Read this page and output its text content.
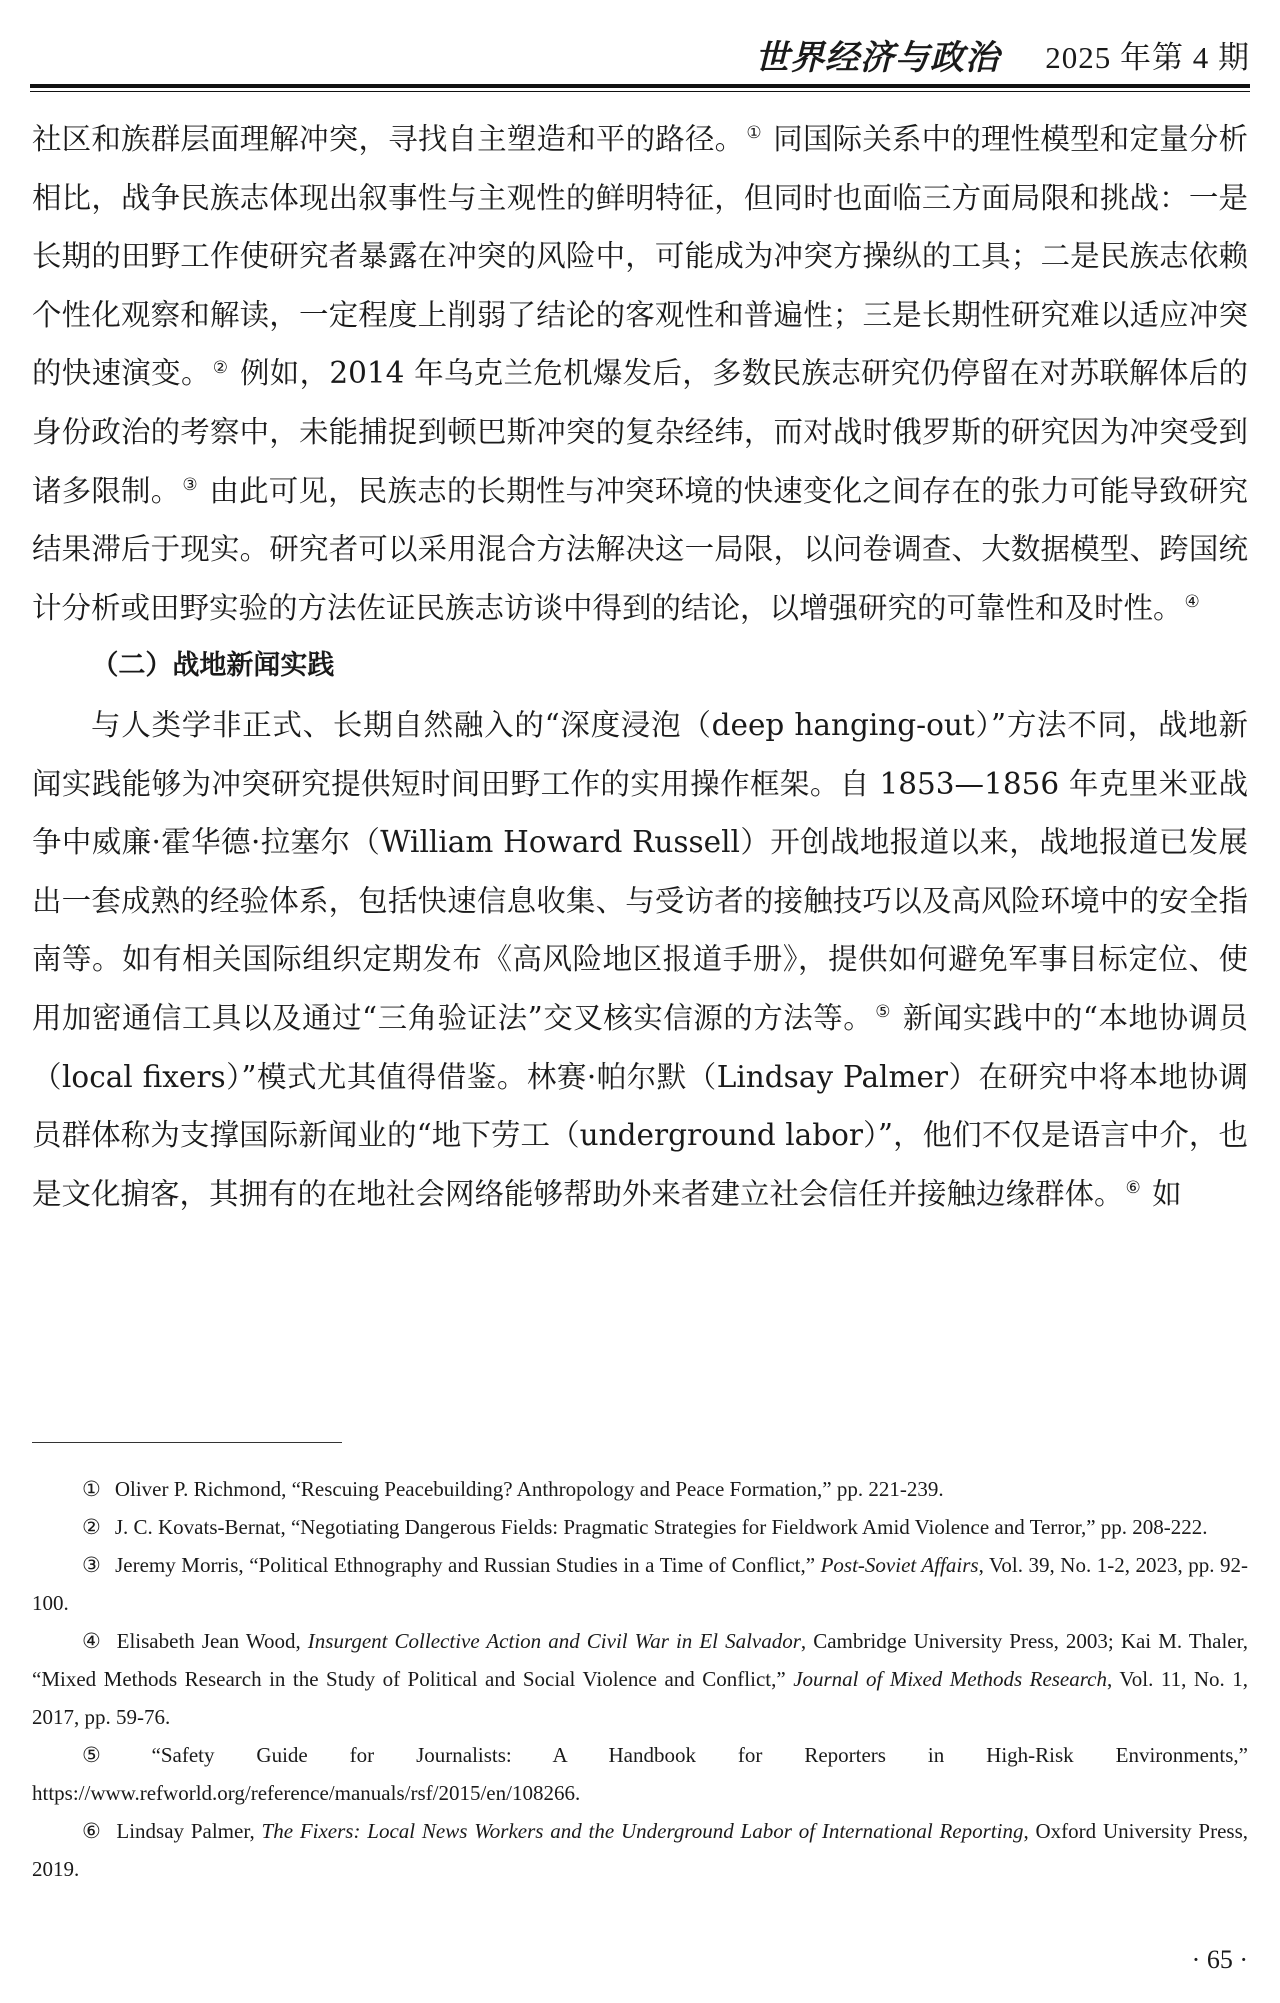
世界经济与政治 2025 年第 4 期

社区和族群层面理解冲突，寻找自主塑造和平的路径。 ① 同国际关系中的理性模型和定量分析相比，战争民族志体现出叙事性与主观性的鲜明特征，但同时也面临三方面局限和挑战：一是长期的田野工作使研究者暴露在冲突的风险中，可能成为冲突方操纵的工具；二是民族志依赖个性化观察和解读，一定程度上削弱了结论的客观性和普遍性；三是长期性研究难以适应冲突的快速演变。 ② 例如，2014 年乌克兰危机爆发后，多数民族志研究仍停留在对苏联解体后的身份政治的考察中，未能捕捉到顿巴斯冲突的复杂经纬，而对战时俄罗斯的研究因为冲突受到诸多限制。 ③ 由此可见，民族志的长期性与冲突环境的快速变化之间存在的张力可能导致研究结果滞后于现实。研究者可以采用混合方法解决这一局限，以问卷调查、大数据模型、跨国统计分析或田野实验的方法佐证民族志访谈中得到的结论，以增强研究的可靠性和及时性。 ④

（二）战地新闻实践

与人类学非正式、长期自然融入的“深度浸泡（deep hanging-out）”方法不同，战地新闻实践能够为冲突研究提供短时间田野工作的实用操作框架。自 1853—1856 年克里米亚战争中威廉·霍华德·拉塞尔（William Howard Russell）开创战地报道以来，战地报道已发展出一套成熟的经验体系，包括快速信息收集、与受访者的接触技巧以及高风险环境中的安全指南等。如有相关国际组织定期发布《高风险地区报道手册》，提供如何避免军事目标定位、使用加密通信工具以及通过“三角验证法”交叉核实信源的方法等。 ⑤ 新闻实践中的“本地协调员（local fixers）”模式尤其值得借鉴。林赛·帕尔默（Lindsay Palmer）在研究中将本地协调员群体称为支撑国际新闻业的“地下劳工（underground labor）”，他们不仅是语言中介，也是文化掮客，其拥有的在地社会网络能够帮助外来者建立社会信任并接触边缘群体。 ⑥ 如

① Oliver P. Richmond, “Rescuing Peacebuilding? Anthropology and Peace Formation,” pp. 221-239.

② J. C. Kovats-Bernat, “Negotiating Dangerous Fields: Pragmatic Strategies for Fieldwork Amid Violence and Terror,” pp. 208-222.

③ Jeremy Morris, “Political Ethnography and Russian Studies in a Time of Conflict,” Post-Soviet Affairs, Vol. 39, No. 1-2, 2023, pp. 92-100.

④ Elisabeth Jean Wood, Insurgent Collective Action and Civil War in El Salvador, Cambridge University Press, 2003; Kai M. Thaler, “Mixed Methods Research in the Study of Political and Social Violence and Conflict,” Journal of Mixed Methods Research, Vol. 11, No. 1, 2017, pp. 59-76.

⑤ “Safety Guide for Journalists: A Handbook for Reporters in High-Risk Environments,” https://www.refworld.org/reference/manuals/rsf/2015/en/108266.

⑥ Lindsay Palmer, The Fixers: Local News Workers and the Underground Labor of International Reporting, Oxford University Press, 2019.

· 65 ·
